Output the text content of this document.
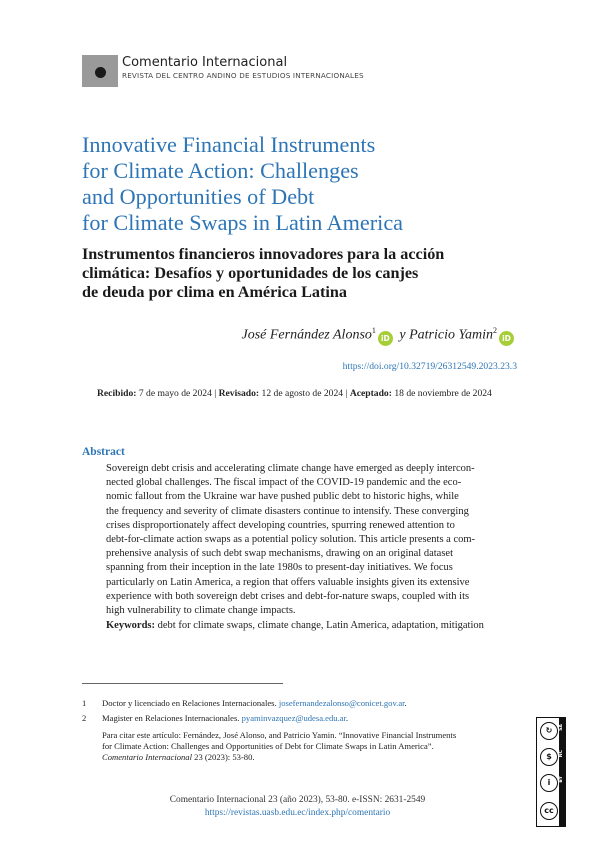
Comentario Internacional
REVISTA DEL CENTRO ANDINO DE ESTUDIOS INTERNACIONALES
Innovative Financial Instruments
for Climate Action: Challenges
and Opportunities of Debt
for Climate Swaps in Latin America
Instrumentos financieros innovadores para la acción
climática: Desafíos y oportunidades de los canjes
de deuda por clima en América Latina
José Fernández Alonso$^1$iD y Patricio Yamin$^2$iD
https://doi.org/10.32719/26312549.2023.23.3
Recibido: 7 de mayo de 2024 | Revisado: 12 de agosto de 2024 | Aceptado: 18 de noviembre de 2024
Abstract
Sovereign debt crisis and accelerating climate change have emerged as deeply intercon-
nected global challenges. The fiscal impact of the COVID-19 pandemic and the eco-
nomic fallout from the Ukraine war have pushed public debt to historic highs, while
the frequency and severity of climate disasters continue to intensify. These converging
crises disproportionately affect developing countries, spurring renewed attention to
debt-for-climate action swaps as a potential policy solution. This article presents a com-
prehensive analysis of such debt swap mechanisms, drawing on an original dataset
spanning from their inception in the late 1980s to present-day initiatives. We focus
particularly on Latin America, a region that offers valuable insights given its extensive
experience with both sovereign debt crises and debt-for-nature swaps, coupled with its
high vulnerability to climate change impacts.
Keywords: debt for climate swaps, climate change, Latin America, adaptation, mitigation
1 Doctor y licenciado en Relaciones Internacionales. josefernandezalonso@conicet.gov.ar.
2 Magister en Relaciones Internacionales. pyaminvazquez@udesa.edu.ar.
Para citar este artículo: Fernández, José Alonso, and Patricio Yamin. “Innovative Financial Instruments
for Climate Action: Challenges and Opportunities of Debt for Climate Swaps in Latin America”.
Comentario Internacional 23 (2023): 53-80.
SA
NC
BY
↻
$
i
cc
Comentario Internacional 23 (año 2023), 53-80. e-ISSN: 2631-2549
https://revistas.uasb.edu.ec/index.php/comentario
